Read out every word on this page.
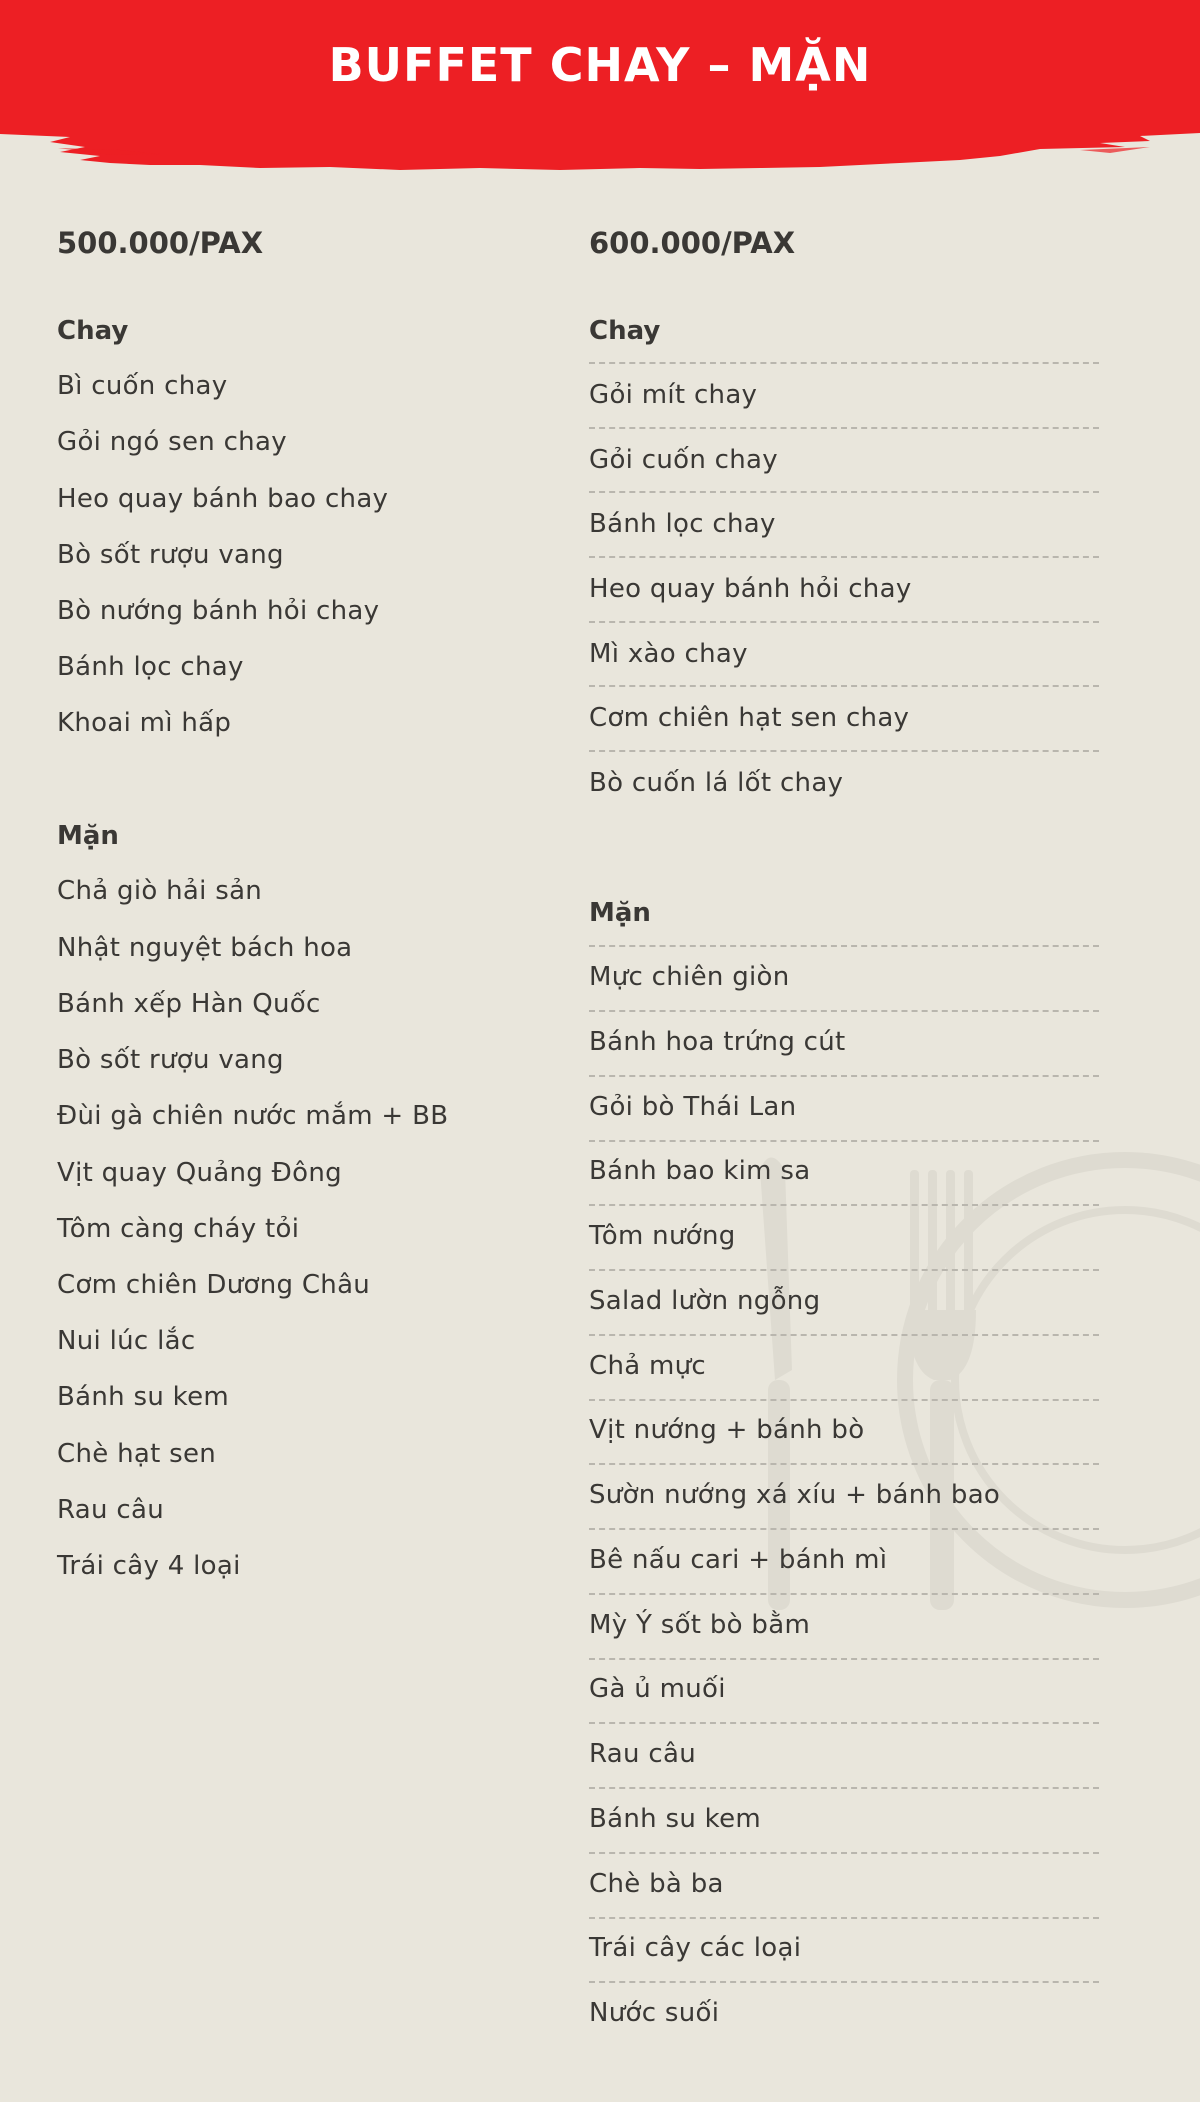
BUFFET CHAY – MẶN
500.000/PAX
Chay
Bì cuốn chay
Gỏi ngó sen chay
Heo quay bánh bao chay
Bò sốt rượu vang
Bò nướng bánh hỏi chay
Bánh lọc chay
Khoai mì hấp
Mặn
Chả giò hải sản
Nhật nguyệt bách hoa
Bánh xếp Hàn Quốc
Bò sốt rượu vang
Đùi gà chiên nước mắm + BB
Vịt quay Quảng Đông
Tôm càng cháy tỏi
Cơm chiên Dương Châu
Nui lúc lắc
Bánh su kem
Chè hạt sen
Rau câu
Trái cây 4 loại
600.000/PAX
Chay
Gỏi mít chay
Gỏi cuốn chay
Bánh lọc chay
Heo quay bánh hỏi chay
Mì xào chay
Cơm chiên hạt sen chay
Bò cuốn lá lốt chay
Mặn
Mực chiên giòn
Bánh hoa trứng cút
Gỏi bò Thái Lan
Bánh bao kim sa
Tôm nướng
Salad lườn ngỗng
Chả mực
Vịt nướng + bánh bò
Sườn nướng xá xíu + bánh bao
Bê nấu cari + bánh mì
Mỳ Ý sốt bò bằm
Gà ủ muối
Rau câu
Bánh su kem
Chè bà ba
Trái cây các loại
Nước suối
